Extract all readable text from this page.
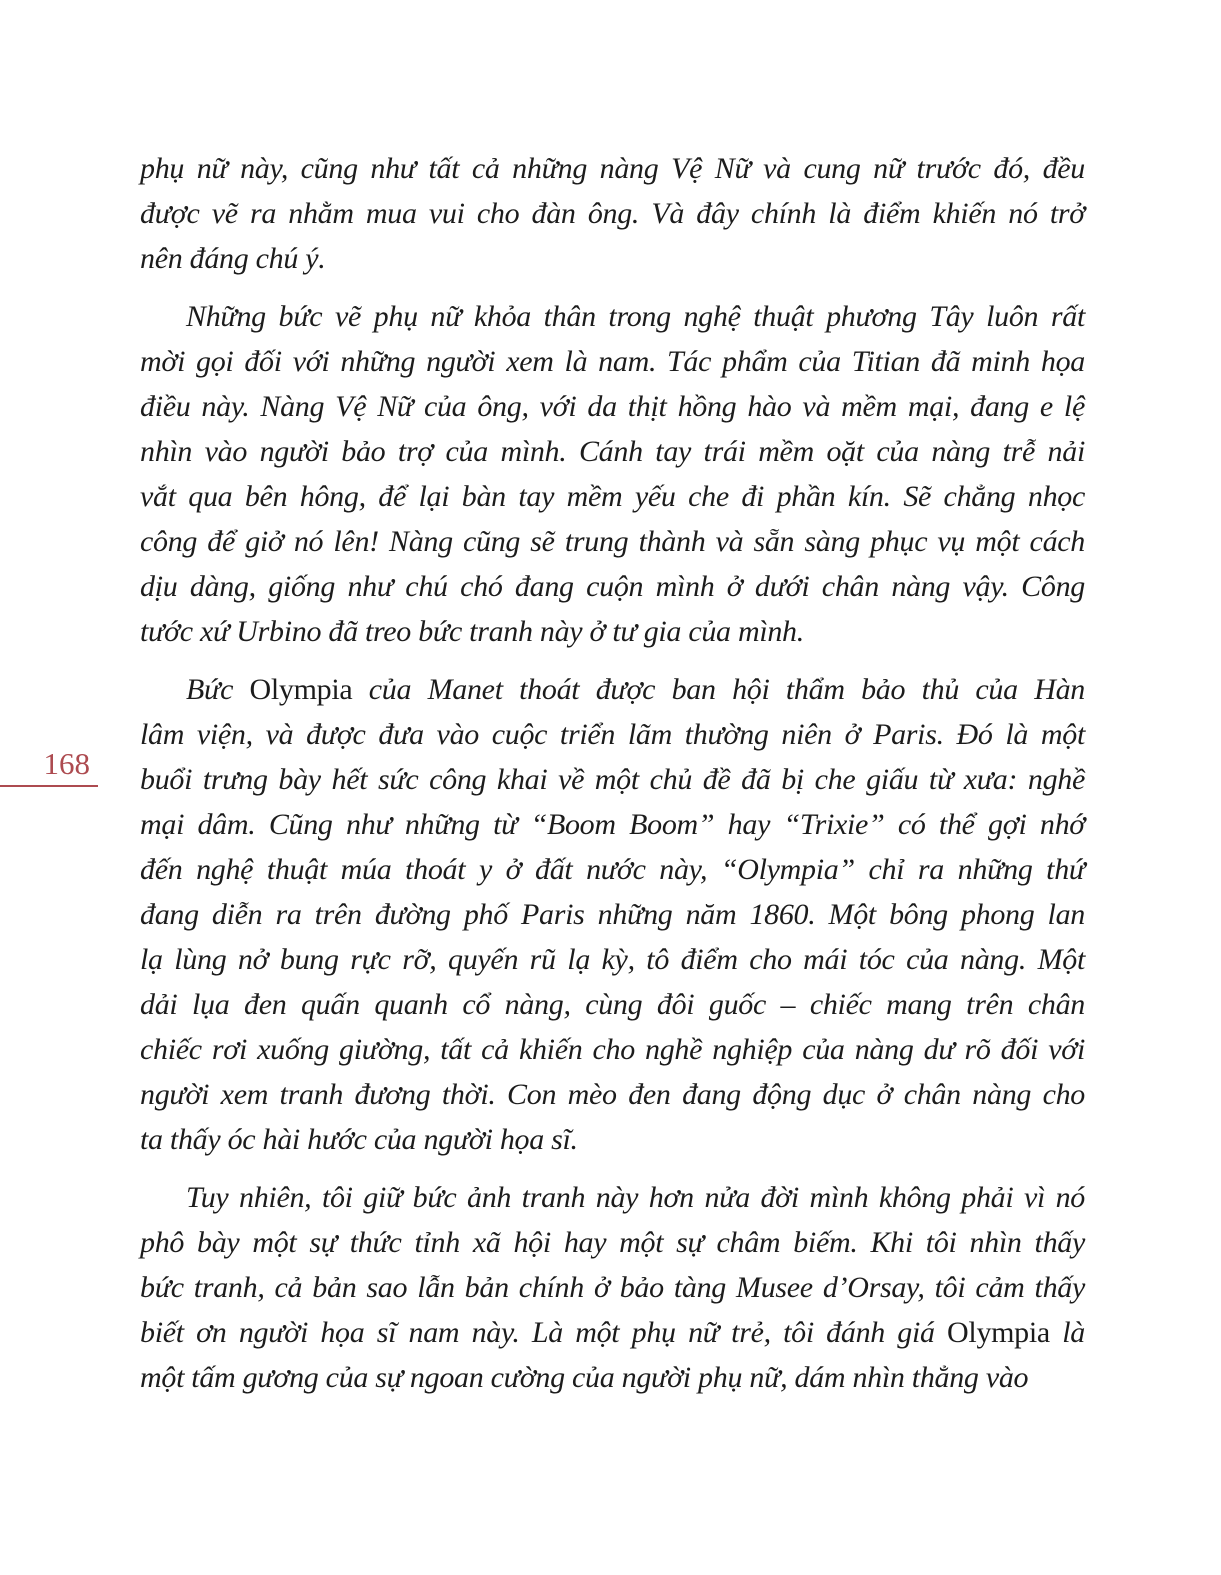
168
phụ nữ này, cũng như tất cả những nàng Vệ Nữ và cung nữ trước đó, đều
được vẽ ra nhằm mua vui cho đàn ông. Và đây chính là điểm khiến nó trở
nên đáng chú ý.
Những bức vẽ phụ nữ khỏa thân trong nghệ thuật phương Tây luôn rất
mời gọi đối với những người xem là nam. Tác phẩm của Titian đã minh họa
điều này. Nàng Vệ Nữ của ông, với da thịt hồng hào và mềm mại, đang e lệ
nhìn vào người bảo trợ của mình. Cánh tay trái mềm oặt của nàng trễ nải
vắt qua bên hông, để lại bàn tay mềm yếu che đi phần kín. Sẽ chẳng nhọc
công để giở nó lên! Nàng cũng sẽ trung thành và sẵn sàng phục vụ một cách
dịu dàng, giống như chú chó đang cuộn mình ở dưới chân nàng vậy. Công
tước xứ Urbino đã treo bức tranh này ở tư gia của mình.
Bức Olympia của Manet thoát được ban hội thẩm bảo thủ của Hàn
lâm viện, và được đưa vào cuộc triển lãm thường niên ở Paris. Đó là một
buổi trưng bày hết sức công khai về một chủ đề đã bị che giấu từ xưa: nghề
mại dâm. Cũng như những từ “Boom Boom” hay “Trixie” có thể gợi nhớ
đến nghệ thuật múa thoát y ở đất nước này, “Olympia” chỉ ra những thứ
đang diễn ra trên đường phố Paris những năm 1860. Một bông phong lan
lạ lùng nở bung rực rỡ, quyến rũ lạ kỳ, tô điểm cho mái tóc của nàng. Một
dải lụa đen quấn quanh cổ nàng, cùng đôi guốc – chiếc mang trên chân
chiếc rơi xuống giường, tất cả khiến cho nghề nghiệp của nàng dư rõ đối với
người xem tranh đương thời. Con mèo đen đang động dục ở chân nàng cho
ta thấy óc hài hước của người họa sĩ.
Tuy nhiên, tôi giữ bức ảnh tranh này hơn nửa đời mình không phải vì nó
phô bày một sự thức tỉnh xã hội hay một sự châm biếm. Khi tôi nhìn thấy
bức tranh, cả bản sao lẫn bản chính ở bảo tàng Musee d’Orsay, tôi cảm thấy
biết ơn người họa sĩ nam này. Là một phụ nữ trẻ, tôi đánh giá Olympia là
một tấm gương của sự ngoan cường của người phụ nữ, dám nhìn thẳng vào
